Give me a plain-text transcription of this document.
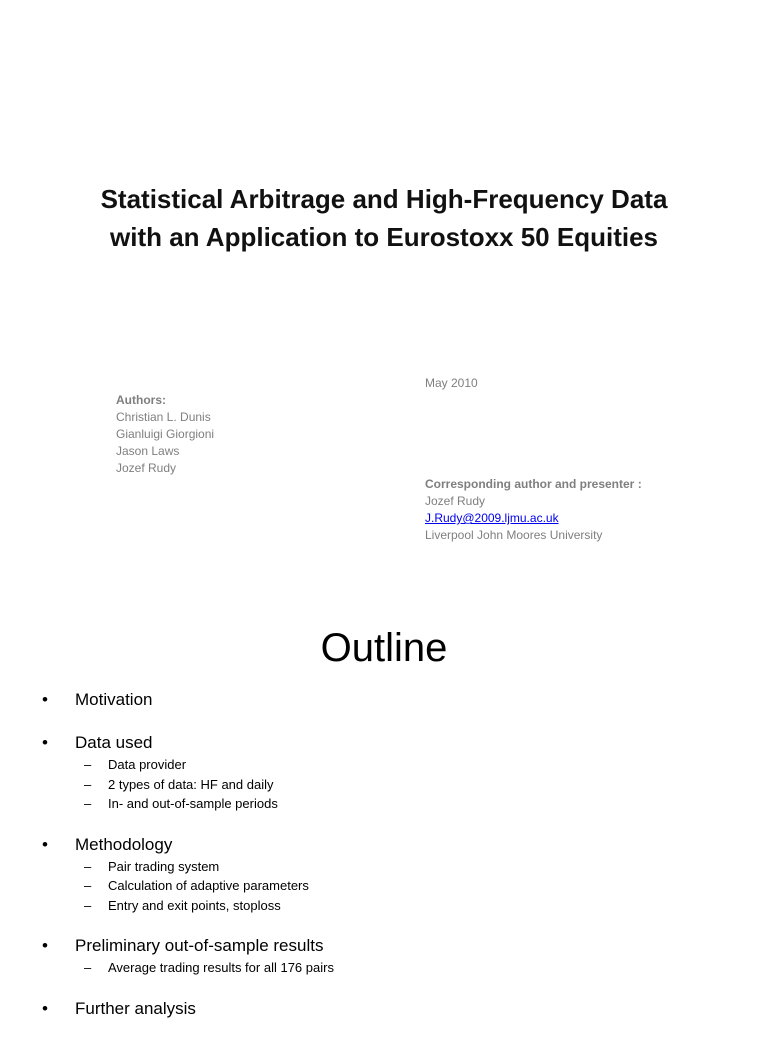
Statistical Arbitrage and High-Frequency Data
with an Application to Eurostoxx 50 Equities
Authors:
Christian L. Dunis
Gianluigi Giorgioni
Jason Laws
Jozef Rudy
May 2010
Corresponding author and presenter :
Jozef Rudy
J.Rudy@2009.ljmu.ac.uk
Liverpool John Moores University
Outline
•	Motivation
•	Data used
–	Data provider
–	2 types of data: HF and daily
–	In- and out-of-sample periods
•	Methodology
–	Pair trading system
–	Calculation of adaptive parameters
–	Entry and exit points, stoploss
•	Preliminary out-of-sample results
–	Average trading results for all 176 pairs
•	Further analysis
